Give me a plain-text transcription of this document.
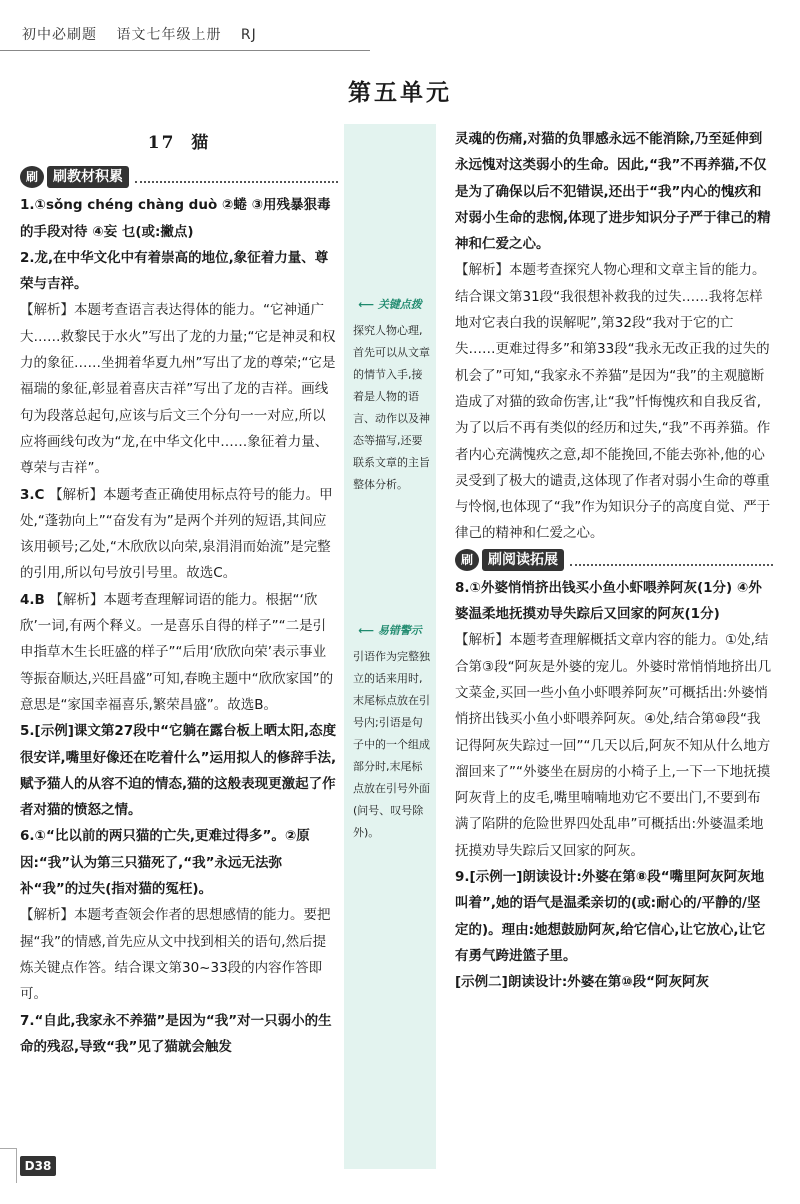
初中必刷题 语文七年级上册 RJ
第五单元
17 猫
刷	刷教材积累
1.①sǒng chéng chàng duò ②蜷 ③用残暴狠毒的手段对待 ④妄 乜(或:撇点)
2.龙,在中华文化中有着崇高的地位,象征着力量、尊荣与吉祥。
【解析】本题考查语言表达得体的能力。“它神通广大……救黎民于水火”写出了龙的力量;“它是神灵和权力的象征……坐拥着华夏九州”写出了龙的尊荣;“它是福瑞的象征,彰显着喜庆吉祥”写出了龙的吉祥。画线句为段落总起句,应该与后文三个分句一一对应,所以应将画线句改为“龙,在中华文化中……象征着力量、尊荣与吉祥”。
3.C 【解析】本题考查正确使用标点符号的能力。甲处,“蓬勃向上”“奋发有为”是两个并列的短语,其间应该用顿号;乙处,“木欣欣以向荣,泉涓涓而始流”是完整的引用,所以句号放引号里。故选C。
4.B 【解析】本题考查理解词语的能力。根据“‘欣欣’一词,有两个释义。一是喜乐自得的样子”“二是引申指草木生长旺盛的样子”“后用‘欣欣向荣’表示事业等振奋顺达,兴旺昌盛”可知,春晚主题中“欣欣家国”的意思是“家国幸福喜乐,繁荣昌盛”。故选B。
5.[示例]课文第27段中“它躺在露台板上晒太阳,态度很安详,嘴里好像还在吃着什么”运用拟人的修辞手法,赋予猫人的从容不迫的情态,猫的这般表现更激起了作者对猫的愤怒之情。
6.①“比以前的两只猫的亡失,更难过得多”。②原因:“我”认为第三只猫死了,“我”永远无法弥补“我”的过失(指对猫的冤枉)。
【解析】本题考查领会作者的思想感情的能力。要把握“我”的情感,首先应从文中找到相关的语句,然后提炼关键点作答。结合课文第30~33段的内容作答即可。
7.“自此,我家永不养猫”是因为“我”对一只弱小的生命的残忍,导致“我”见了猫就会触发
⟵ 关键点拨
探究人物心理,首先可以从文章的情节入手,接着是人物的语言、动作以及神态等描写,还要联系文章的主旨整体分析。
⟵ 易错警示
引语作为完整独立的话来用时,末尾标点放在引号内;引语是句子中的一个组成部分时,末尾标点放在引号外面(问号、叹号除外)。
灵魂的伤痛,对猫的负罪感永远不能消除,乃至延伸到永远愧对这类弱小的生命。因此,“我”不再养猫,不仅是为了确保以后不犯错误,还出于“我”内心的愧疚和对弱小生命的悲悯,体现了进步知识分子严于律己的精神和仁爱之心。
【解析】本题考查探究人物心理和文章主旨的能力。结合课文第31段“我很想补救我的过失……我将怎样地对它表白我的误解呢”,第32段“我对于它的亡失……更难过得多”和第33段“我永无改正我的过失的机会了”可知,“我家永不养猫”是因为“我”的主观臆断造成了对猫的致命伤害,让“我”忏悔愧疚和自我反省,为了以后不再有类似的经历和过失,“我”不再养猫。作者内心充满愧疚之意,却不能挽回,不能去弥补,他的心灵受到了极大的谴责,这体现了作者对弱小生命的尊重与怜悯,也体现了“我”作为知识分子的高度自觉、严于律己的精神和仁爱之心。
刷	刷阅读拓展
8.①外婆悄悄挤出钱买小鱼小虾喂养阿灰(1分) ④外婆温柔地抚摸劝导失踪后又回家的阿灰(1分)
【解析】本题考查理解概括文章内容的能力。①处,结合第③段“阿灰是外婆的宠儿。外婆时常悄悄地挤出几文菜金,买回一些小鱼小虾喂养阿灰”可概括出:外婆悄悄挤出钱买小鱼小虾喂养阿灰。④处,结合第⑩段“我记得阿灰失踪过一回”“几天以后,阿灰不知从什么地方溜回来了”“外婆坐在厨房的小椅子上,一下一下地抚摸阿灰背上的皮毛,嘴里喃喃地劝它不要出门,不要到布满了陷阱的危险世界四处乱串”可概括出:外婆温柔地抚摸劝导失踪后又回家的阿灰。
9.[示例一]朗读设计:外婆在第⑧段“嘴里阿灰阿灰地叫着”,她的语气是温柔亲切的(或:耐心的/平静的/坚定的)。理由:她想鼓励阿灰,给它信心,让它放心,让它有勇气跨进篮子里。
[示例二]朗读设计:外婆在第⑩段“阿灰阿灰
D38
